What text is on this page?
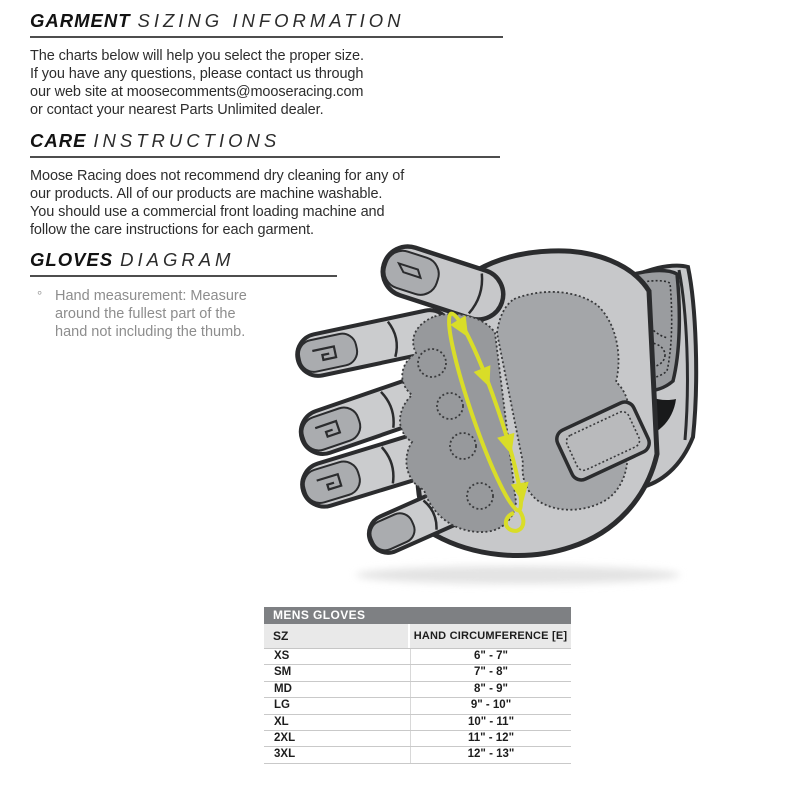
GARMENT SIZING INFORMATION
The charts below will help you select the proper size.
If you have any questions, please contact us through
our web site at moosecomments@mooseracing.com
or contact your nearest Parts Unlimited dealer.
CARE INSTRUCTIONS
Moose Racing does not recommend dry cleaning for any of
our products. All of our products are machine washable.
You should use a commercial front loading machine and
follow the care instructions for each garment.
GLOVES DIAGRAM
° Hand measurement: Measure
around the fullest part of the
hand not including the thumb.
MENS GLOVES
SZ	HAND CIRCUMFERENCE [E]
XS	6" - 7"
SM	7" - 8"
MD	8" - 9"
LG	9" - 10"
XL	10" - 11"
2XL	11" - 12"
3XL	12" - 13"
